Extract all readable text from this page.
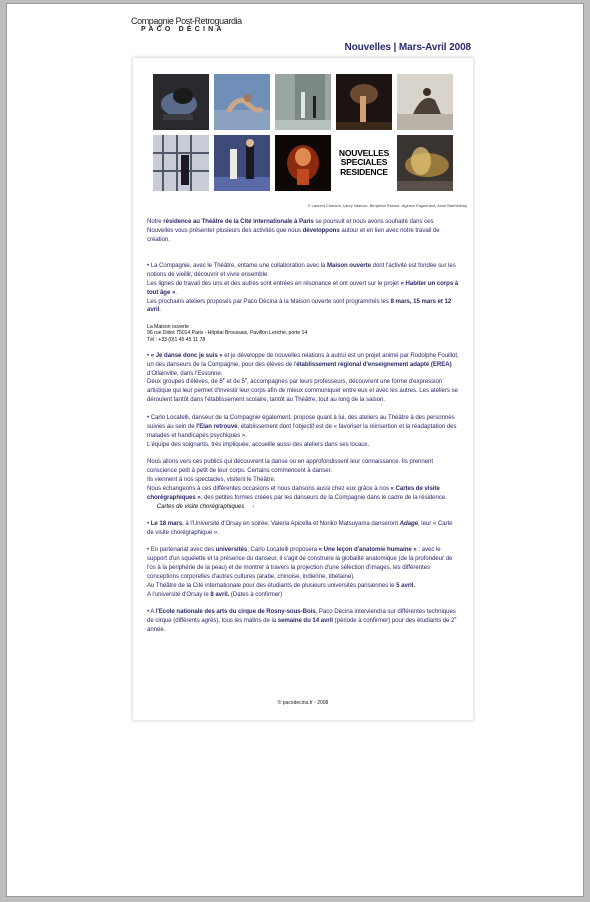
Compagnie Post-Retroguardia
PACO DÈCINA
Nouvelles | Mars-Avril 2008
NOUVELLES
SPECIALES
RESIDENCE
© Laurent Chardon, Laury Vasicon, Benjamin Renout -Agence Enguerand, Anne Barthélémy

Notre résidence au Théâtre de la Cité internationale à Paris se poursuit et nous avons souhaité dans ces Nouvelles vous présenter plusieurs des activités que nous développons autour et en lien avec notre travail de création.

• La Compagnie, avec le Théâtre, entame une collaboration avec la Maison ouverte dont l'activité est fondée sur les notions de vieillir, découvrir et vivre ensemble.

Les lignes de travail des uns et des autres sont entrées en résonance et ont ouvert sur le projet « Habiter un corps à tout âge ».

Les prochains ateliers proposés par Paco Dècina à la Maison ouverte sont programmés les 8 mars, 15 mars et 12 avril.

La Maison ouverte
96 rue Didot 75014 Paris - Hôpital Broussais, Pavillon Leriche, porte 14
Tél : +33 (0)1 45 45 11 78

• « Je danse donc je suis » et je développe de nouvelles relations à autrui est un projet animé par Rodolphe Fouillot, un des danseurs de la Compagnie, pour des élèves de l'établissement régional d'enseignement adapté (EREA) d'Ollainville, dans l'Essonne.

Deux groupes d'élèves, de 6e et de 5e, accompagnés par leurs professeurs, découvrent une forme d'expression artistique qui leur permet d'investir leur corps afin de mieux communiquer entre eux et avec les autres. Les ateliers se déroulent tantôt dans l'établissement scolaire, tantôt au Théâtre, tout au long de la saison.

• Carlo Locatelli, danseur de la Compagnie également, propose quant à lui, des ateliers au Théâtre à des personnes suivies au sein de l'Elan retrouvé, établissement dont l'objectif est de « favoriser la réinsertion et la réadaptation des malades et handicapés psychiques ».

L'équipe des soignants, très impliquée, accueille aussi des ateliers dans ses locaux.

Nous allons vers ces publics qui découvrent la danse ou en approfondissent leur connaissance. Ils prennent conscience petit à petit de leur corps. Certains commencent à danser.

Ils viennent à nos spectacles, visitent le Théâtre.

Nous échangeons à ces différentes occasions et nous dansons aussi chez eux grâce à nos « Cartes de visite chorégraphiques », des petites formes créées par les danseurs de la Compagnie dans le cadre de la résidence.       Cartes de visite chorégraphiques ›

• Le 18 mars, à l'Université d'Orsay en soirée, Valeria Apicella et Noriko Matsuyama danseront Adage, leur « Carte de visite chorégraphique ».

• En partenariat avec des universités, Carlo Locatelli proposera « Une leçon d'anatomie humaine » : avec le support d'un squelette et la présence du danseur, il s'agit de construire la globalité anatomique (de la profondeur de l'os à la périphérie de la peau) et de montrer à travers la projection d'une sélection d'images, les différentes conceptions corporelles d'autres cultures (arabe, chinoise, indienne, tibétaine).

Au Théâtre de la Cité internationale pour des étudiants de plusieurs universités parisiennes le 5 avril.

A l'université d'Orsay le 8 avril. (Dates à confirmer)

• A l'Ecole nationale des arts du cirque de Rosny-sous-Bois, Paco Dècina interviendra sur différentes techniques de cirque (différents agrès), tous les matins de la semaine du 14 avril (période à confirmer) pour des étudiants de 2e année.

© pacodecina.fr - 2008
